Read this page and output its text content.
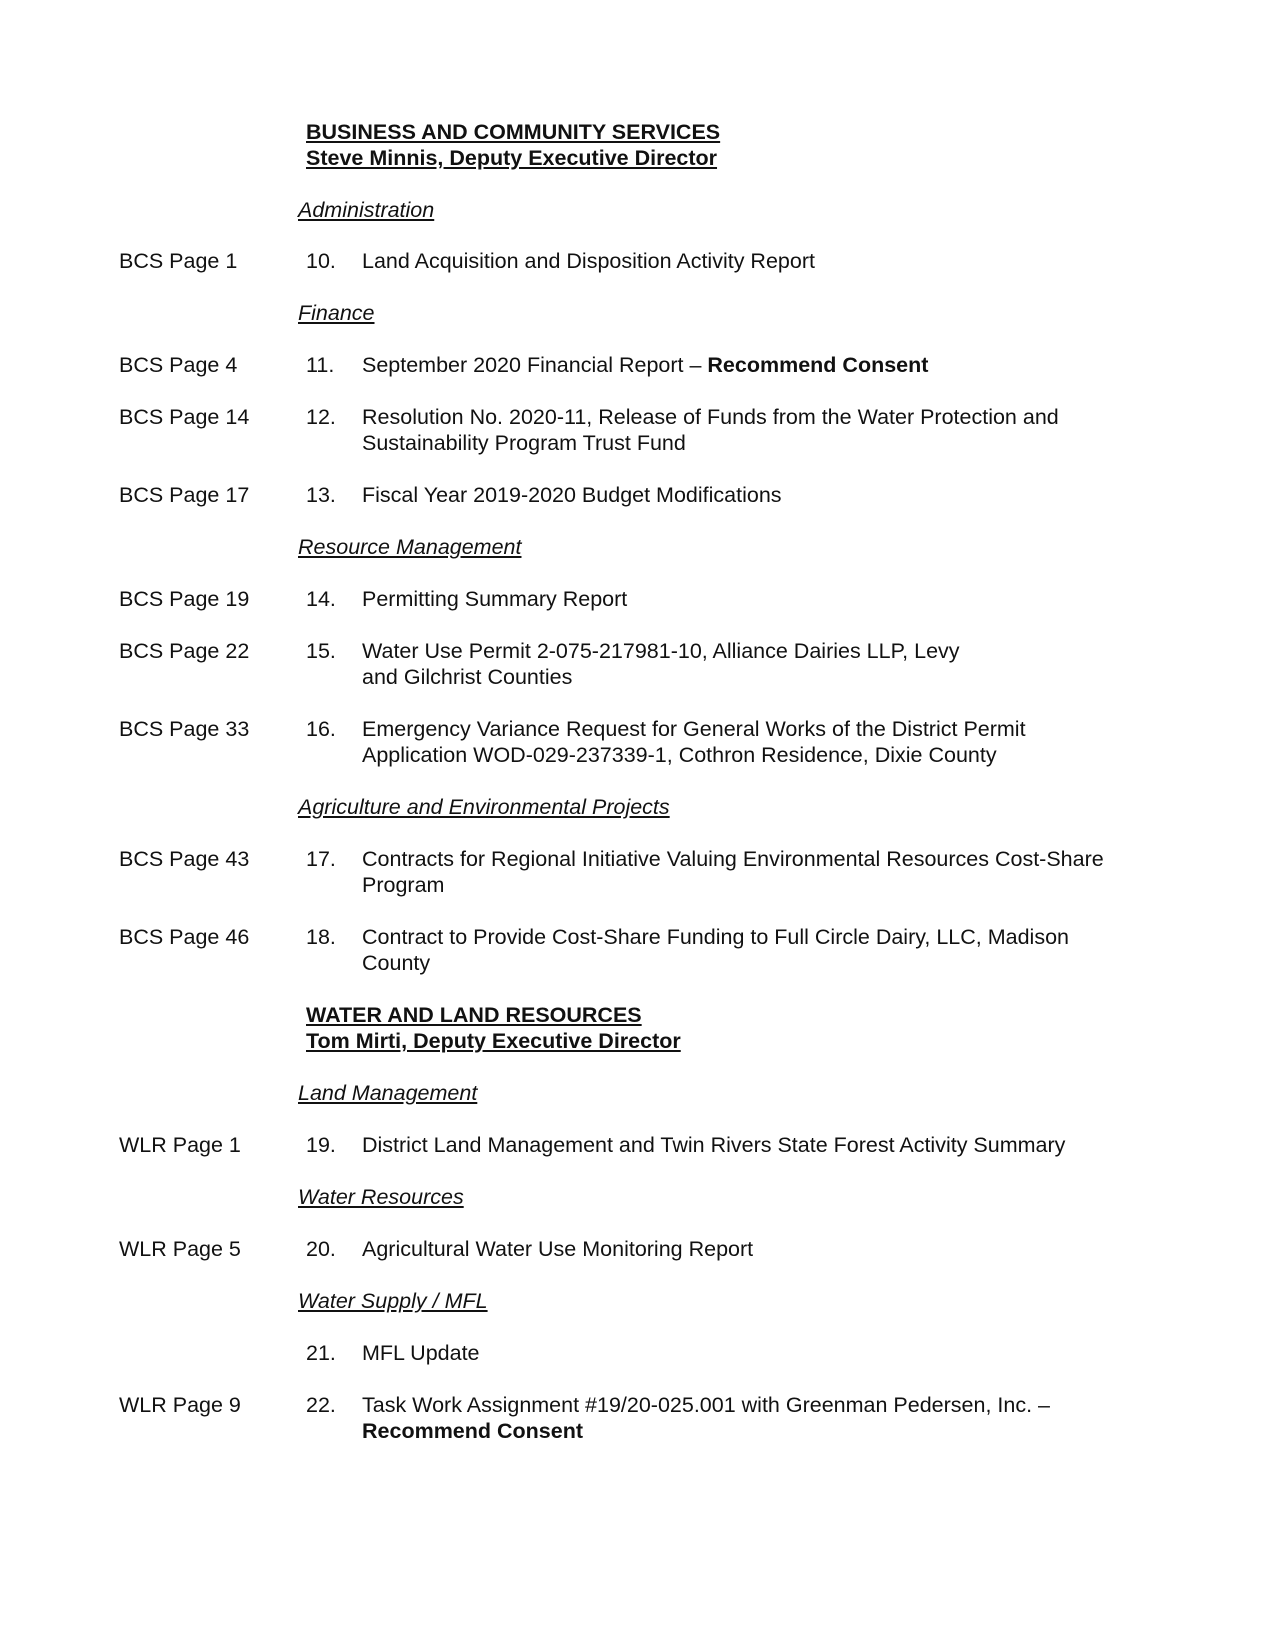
BUSINESS AND COMMUNITY SERVICES
Steve Minnis, Deputy Executive Director
Administration
BCS Page 1	10.	Land Acquisition and Disposition Activity Report
Finance
BCS Page 4	11.	September 2020 Financial Report – Recommend Consent
BCS Page 14	12.	Resolution No. 2020-11, Release of Funds from the Water Protection and
Sustainability Program Trust Fund
BCS Page 17	13.	Fiscal Year 2019-2020 Budget Modifications
Resource Management
BCS Page 19	14.	Permitting Summary Report
BCS Page 22	15.	Water Use Permit 2-075-217981-10, Alliance Dairies LLP, Levy
and Gilchrist Counties
BCS Page 33	16.	Emergency Variance Request for General Works of the District Permit
Application WOD-029-237339-1, Cothron Residence, Dixie County
Agriculture and Environmental Projects
BCS Page 43	17.	Contracts for Regional Initiative Valuing Environmental Resources Cost-Share
Program
BCS Page 46	18.	Contract to Provide Cost-Share Funding to Full Circle Dairy, LLC, Madison
County
WATER AND LAND RESOURCES
Tom Mirti, Deputy Executive Director
Land Management
WLR Page 1	19.	District Land Management and Twin Rivers State Forest Activity Summary
Water Resources
WLR Page 5	20.	Agricultural Water Use Monitoring Report
Water Supply / MFL
21.	MFL Update
WLR Page 9	22.	Task Work Assignment #19/20-025.001 with Greenman Pedersen, Inc. –
Recommend Consent
